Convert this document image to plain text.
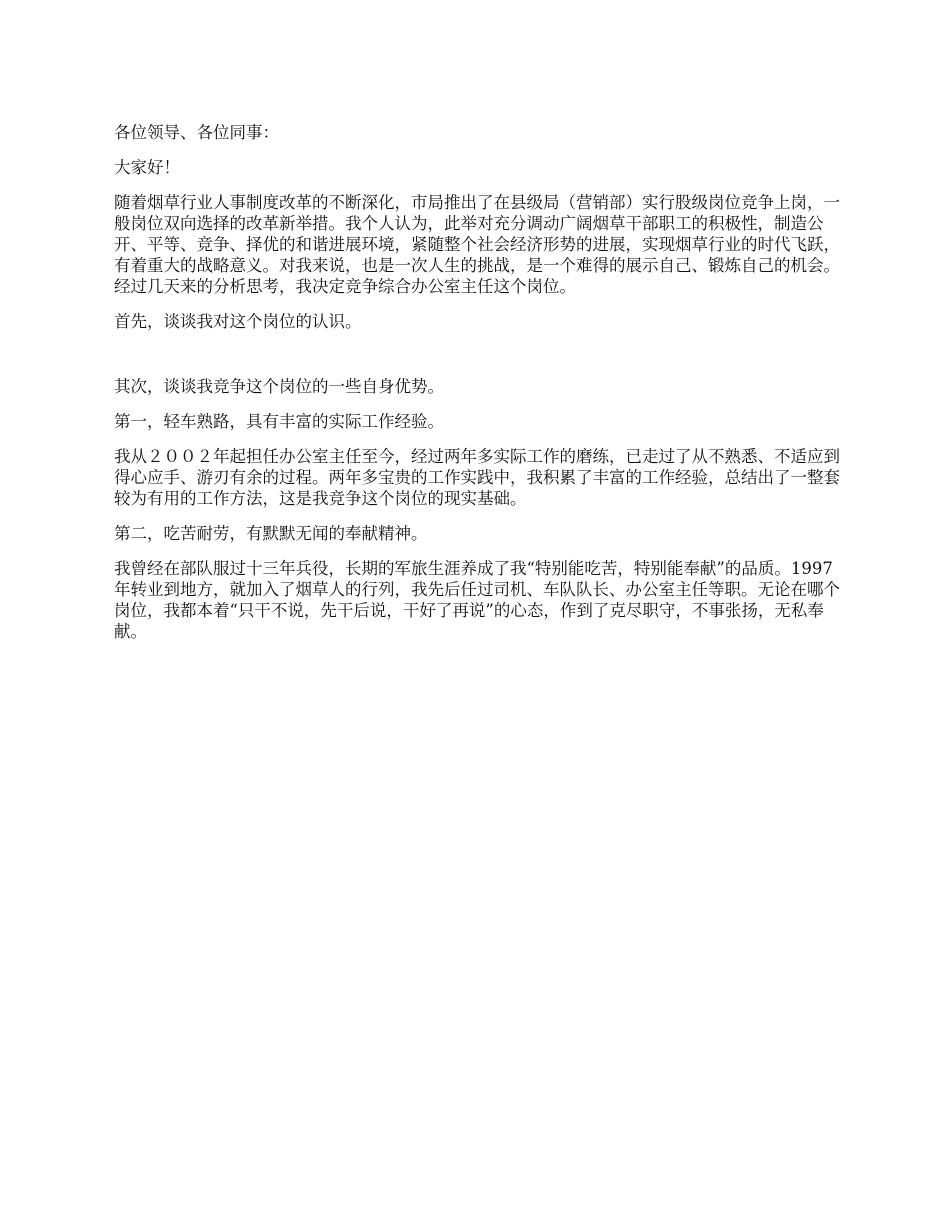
各位领导、各位同事：

大家好！

随着烟草行业人事制度改革的不断深化，市局推出了在县级局（营销部）实行股级岗位竞争上岗，一般岗位双向选择的改革新举措。我个人认为，此举对充分调动广阔烟草干部职工的积极性，制造公开、平等、竞争、择优的和谐进展环境，紧随整个社会经济形势的进展，实现烟草行业的时代飞跃，有着重大的战略意义。对我来说，也是一次人生的挑战，是一个难得的展示自己、锻炼自己的机会。经过几天来的分析思考，我决定竞争综合办公室主任这个岗位。

首先，谈谈我对这个岗位的认识。

其次，谈谈我竞争这个岗位的一些自身优势。

第一，轻车熟路，具有丰富的实际工作经验。

我从２００２年起担任办公室主任至今，经过两年多实际工作的磨练，已走过了从不熟悉、不适应到得心应手、游刃有余的过程。两年多宝贵的工作实践中，我积累了丰富的工作经验，总结出了一整套较为有用的工作方法，这是我竞争这个岗位的现实基础。

第二，吃苦耐劳，有默默无闻的奉献精神。

我曾经在部队服过十三年兵役，长期的军旅生涯养成了我“特别能吃苦，特别能奉献”的品质。1997 年转业到地方，就加入了烟草人的行列，我先后任过司机、车队队长、办公室主任等职。无论在哪个岗位，我都本着“只干不说，先干后说，干好了再说”的心态，作到了克尽职守，不事张扬，无私奉献。
